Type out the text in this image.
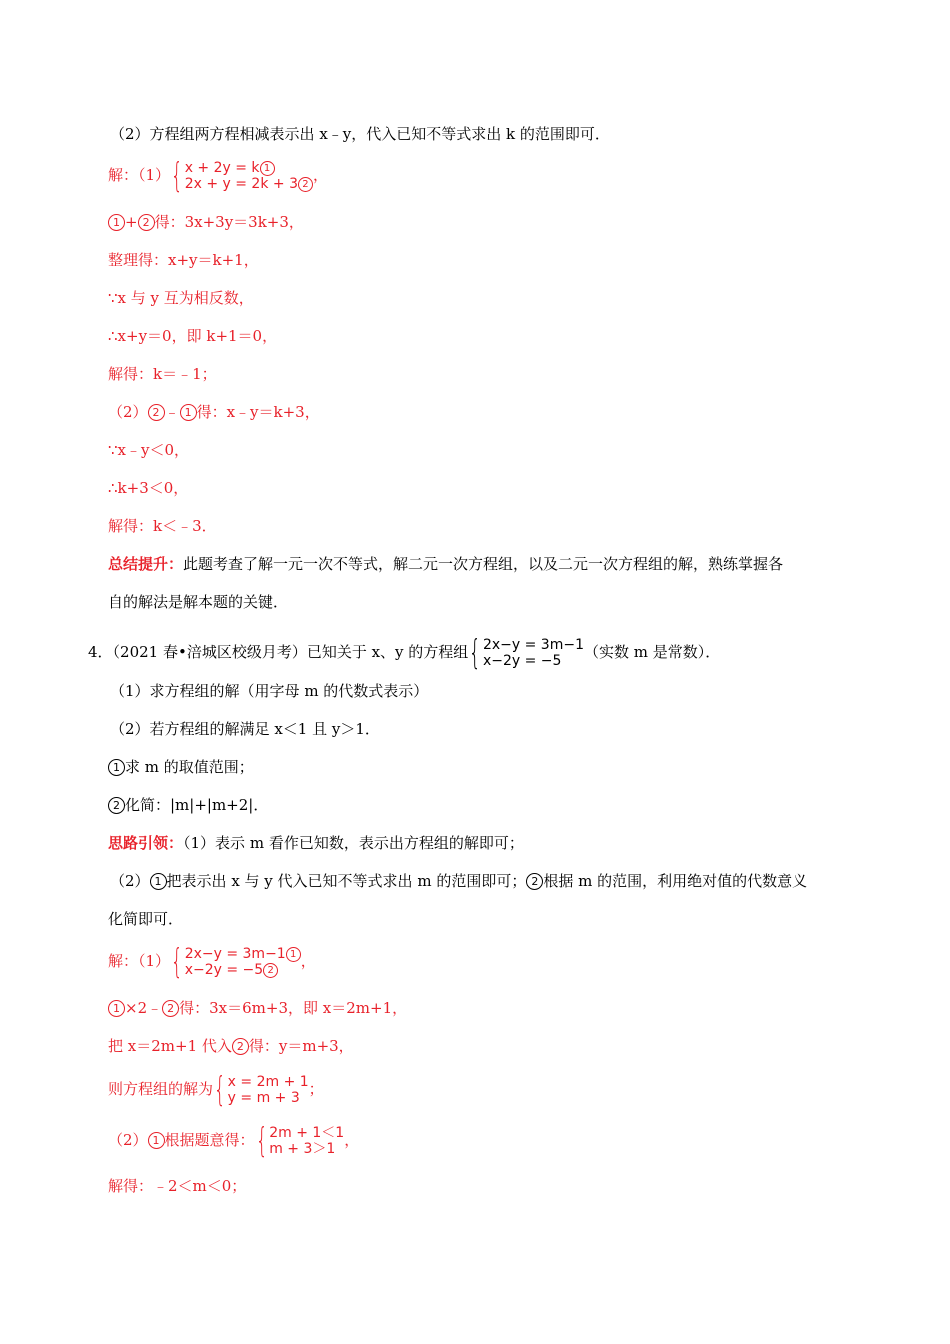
（2）方程组两方程相减表示出 x﹣y，代入已知不等式求出 k 的范围即可．
解：（1） { x + 2y = k 1
2x + y = 2k + 3 2
，
1 + 2 得：3x+3y＝3k+3，
整理得：x+y＝k+1，
∵x 与 y 互为相反数，
∴x+y＝0，即 k+1＝0，
解得：k＝﹣1；
（2） 2 ﹣ 1 得：x﹣y＝k+3，
∵x﹣y＜0，
∴k+3＜0，
解得：k＜﹣3．
总结提升：此题考查了解一元一次不等式，解二元一次方程组，以及二元一次方程组的解，熟练掌握各
自的解法是解本题的关键．
4．（2021 春•涪城区校级月考）已知关于 x、y 的方程组 { 2x−y = 3m−1
x−2y = −5	（实数 m 是常数）．
（1）求方程组的解（用字母 m 的代数式表示）
（2）若方程组的解满足 x＜1 且 y＞1．
1 求 m 的取值范围；
2 化简：|m|+|m+2|．
思路引领：（1）表示 m 看作已知数，表示出方程组的解即可；
（2） 1 把表示出 x 与 y 代入已知不等式求出 m 的范围即可； 2 根据 m 的范围，利用绝对值的代数意义
化简即可．
解：（1） { 2x−y = 3m−1 1
x−2y = −5 2
，
1 ×2﹣ 2 得：3x＝6m+3，即 x＝2m+1，
把 x＝2m+1 代入 2 得：y＝m+3，
则方程组的解为 { x = 2m + 1
y = m + 3 ；
（2） 1 根据题意得： { 2m + 1＜1
m + 3＞1 ，
解得：﹣2＜m＜0；
